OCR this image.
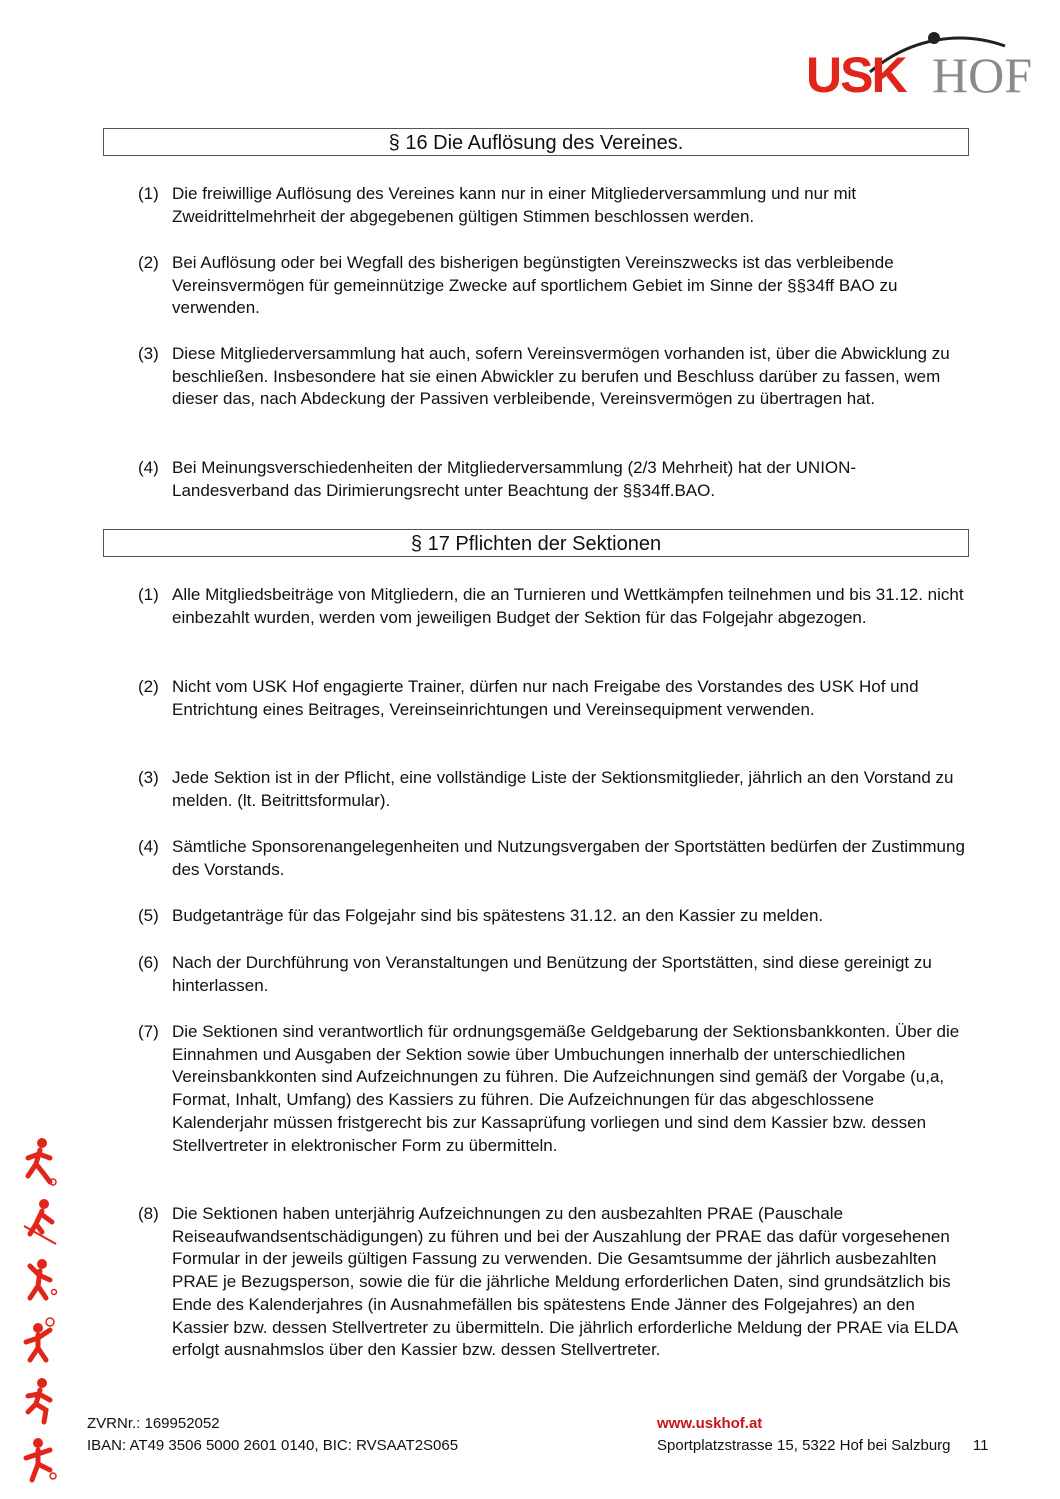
USK HOF
§ 16 Die Auflösung des Vereines.
(1) Die freiwillige Auflösung des Vereines kann nur in einer Mitgliederversammlung und nur mit Zweidrittelmehrheit der abgegebenen gültigen Stimmen beschlossen werden.
(2) Bei Auflösung oder bei Wegfall des bisherigen begünstigten Vereinszwecks ist das verbleibende Vereinsvermögen für gemeinnützige Zwecke auf sportlichem Gebiet im Sinne der §§34ff BAO zu verwenden.
(3) Diese Mitgliederversammlung hat auch, sofern Vereinsvermögen vorhanden ist, über die Abwicklung zu beschließen. Insbesondere hat sie einen Abwickler zu berufen und Beschluss darüber zu fassen, wem dieser das, nach Abdeckung der Passiven verbleibende, Vereinsvermögen zu übertragen hat.
(4) Bei Meinungsverschiedenheiten der Mitgliederversammlung (2/3 Mehrheit) hat der UNION-Landesverband das Dirimierungsrecht unter Beachtung der §§34ff.BAO.
§ 17 Pflichten der Sektionen
(1) Alle Mitgliedsbeiträge von Mitgliedern, die an Turnieren und Wettkämpfen teilnehmen und bis 31.12. nicht einbezahlt wurden, werden vom jeweiligen Budget der Sektion für das Folgejahr abgezogen.
(2) Nicht vom USK Hof engagierte Trainer, dürfen nur nach Freigabe des Vorstandes des USK Hof und Entrichtung eines Beitrages, Vereinseinrichtungen und Vereinsequipment verwenden.
(3) Jede Sektion ist in der Pflicht, eine vollständige Liste der Sektionsmitglieder, jährlich an den Vorstand zu melden. (lt. Beitrittsformular).
(4) Sämtliche Sponsorenangelegenheiten und Nutzungsvergaben der Sportstätten bedürfen der Zustimmung des Vorstands.
(5) Budgetanträge für das Folgejahr sind bis spätestens 31.12. an den Kassier zu melden.
(6) Nach der Durchführung von Veranstaltungen und Benützung der Sportstätten, sind diese gereinigt zu hinterlassen.
(7) Die Sektionen sind verantwortlich für ordnungsgemäße Geldgebarung der Sektionsbankkonten. Über die Einnahmen und Ausgaben der Sektion sowie über Umbuchungen innerhalb der unterschiedlichen Vereinsbankkonten sind Aufzeichnungen zu führen. Die Aufzeichnungen sind gemäß der Vorgabe (u,a, Format, Inhalt, Umfang) des Kassiers zu führen. Die Aufzeichnungen für das abgeschlossene Kalenderjahr müssen fristgerecht bis zur Kassaprüfung vorliegen und sind dem Kassier bzw. dessen Stellvertreter in elektronischer Form zu übermitteln.
(8) Die Sektionen haben unterjährig Aufzeichnungen zu den ausbezahlten PRAE (Pauschale Reiseaufwandsentschädigungen) zu führen und bei der Auszahlung der PRAE das dafür vorgesehenen Formular in der jeweils gültigen Fassung zu verwenden. Die Gesamtsumme der jährlich ausbezahlten PRAE je Bezugsperson, sowie die für die jährliche Meldung erforderlichen Daten, sind grundsätzlich bis Ende des Kalenderjahres (in Ausnahmefällen bis spätestens Ende Jänner des Folgejahres) an den Kassier bzw. dessen Stellvertreter zu übermitteln. Die jährlich erforderliche Meldung der PRAE via ELDA erfolgt ausnahmslos über den Kassier bzw. dessen Stellvertreter.
ZVRNr.: 169952052
IBAN: AT49 3506 5000 2601 0140, BIC: RVSAAT2S065
www.uskhof.at
Sportplatzstrasse 15, 5322 Hof bei Salzburg 11
